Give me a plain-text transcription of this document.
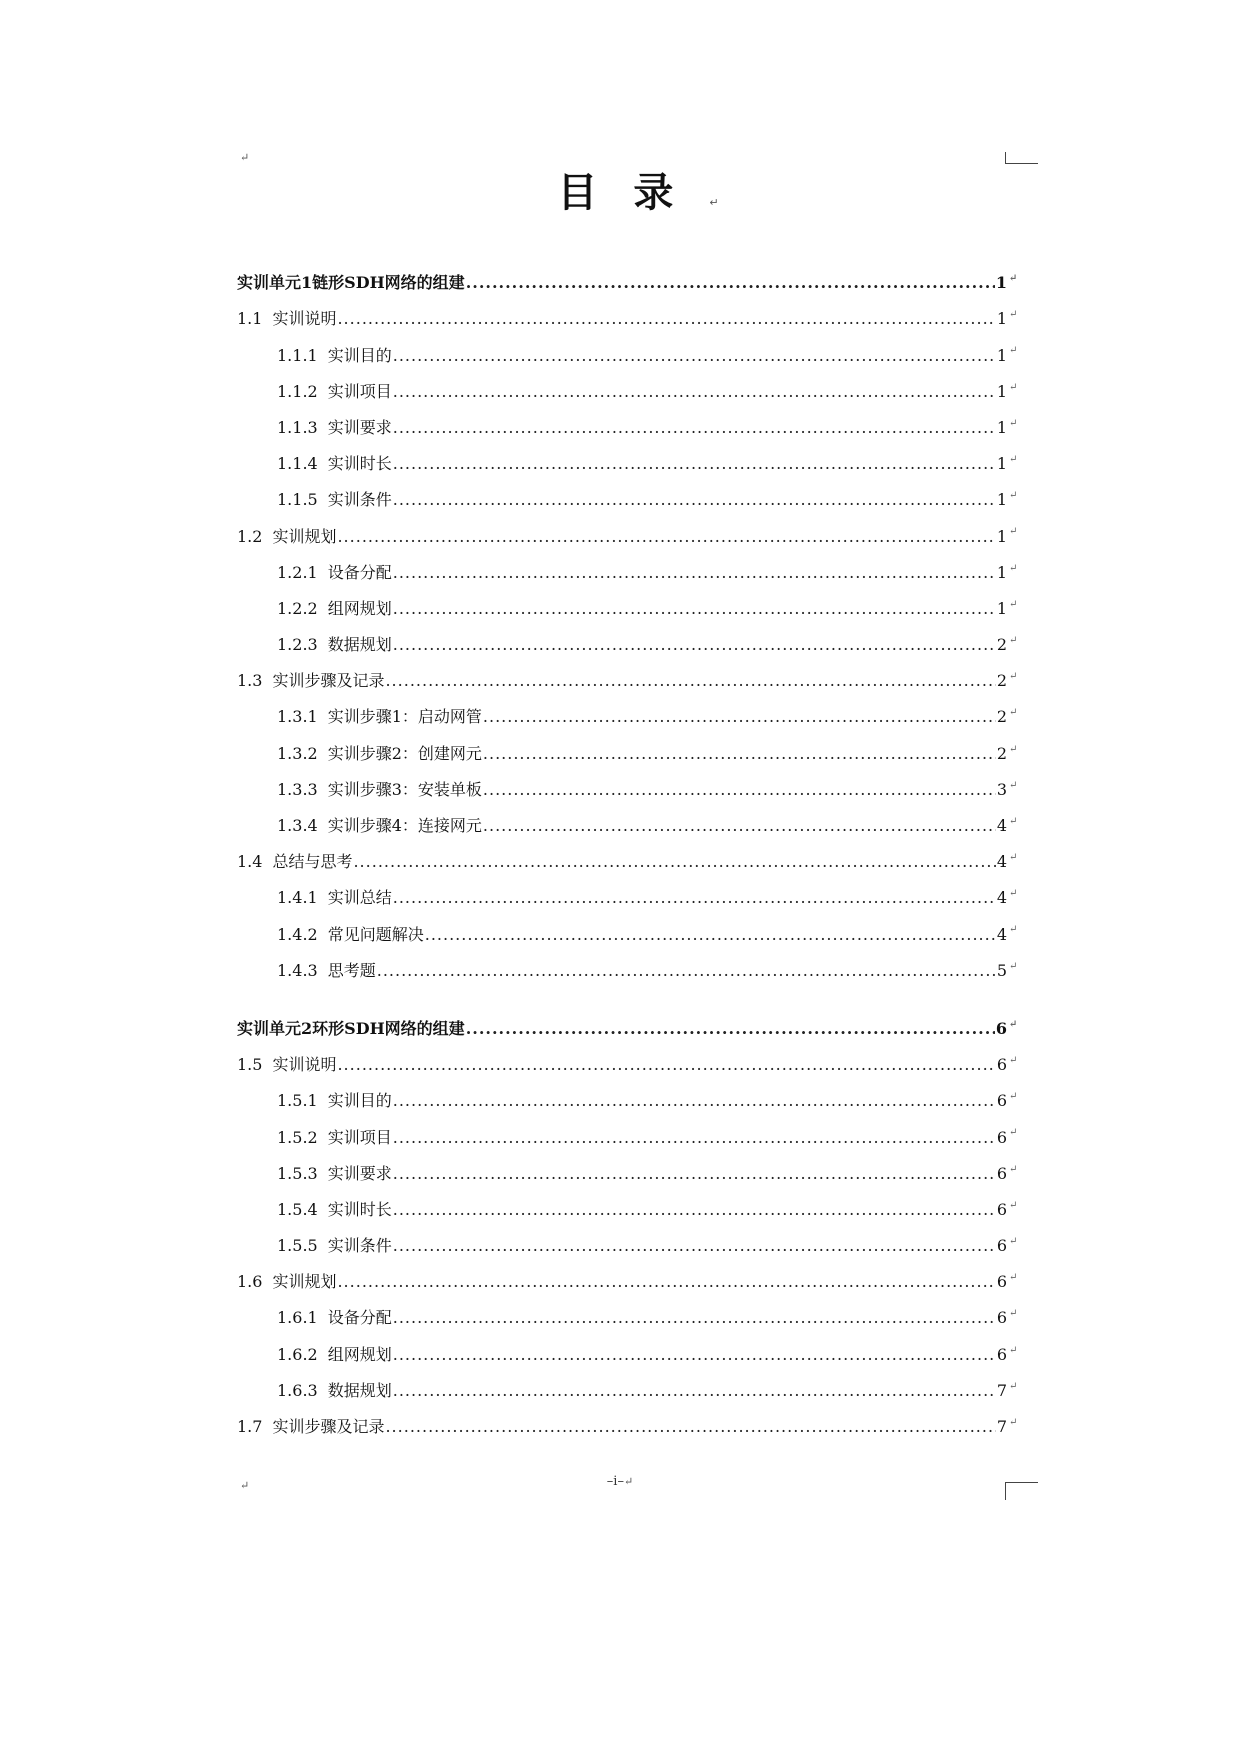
↵
目录↵
实训单元1链形SDH网络的组建 .....	1 ↵
1.1 实训说明 .....	1 ↵
1.1.1 实训目的 .....	1 ↵
1.1.2 实训项目 .....	1 ↵
1.1.3 实训要求 .....	1 ↵
1.1.4 实训时长 .....	1 ↵
1.1.5 实训条件 .....	1 ↵
1.2 实训规划 .....	1 ↵
1.2.1 设备分配 .....	1 ↵
1.2.2 组网规划 .....	1 ↵
1.2.3 数据规划 .....	2 ↵
1.3 实训步骤及记录 .....	2 ↵
1.3.1 实训步骤1：启动网管 .....	2 ↵
1.3.2 实训步骤2：创建网元 .....	2 ↵
1.3.3 实训步骤3：安装单板 .....	3 ↵
1.3.4 实训步骤4：连接网元 .....	4 ↵
1.4 总结与思考 .....	4 ↵
1.4.1 实训总结 .....	4 ↵
1.4.2 常见问题解决 .....	4 ↵
1.4.3 思考题 .....	5 ↵
实训单元2环形SDH网络的组建 .....	6 ↵
1.5 实训说明 .....	6 ↵
1.5.1 实训目的 .....	6 ↵
1.5.2 实训项目 .....	6 ↵
1.5.3 实训要求 .....	6 ↵
1.5.4 实训时长 .....	6 ↵
1.5.5 实训条件 .....	6 ↵
1.6 实训规划 .....	6 ↵
1.6.1 设备分配 .....	6 ↵
1.6.2 组网规划 .....	6 ↵
1.6.3 数据规划 .....	7 ↵
1.7 实训步骤及记录 .....	7 ↵
↵	–i–↵
